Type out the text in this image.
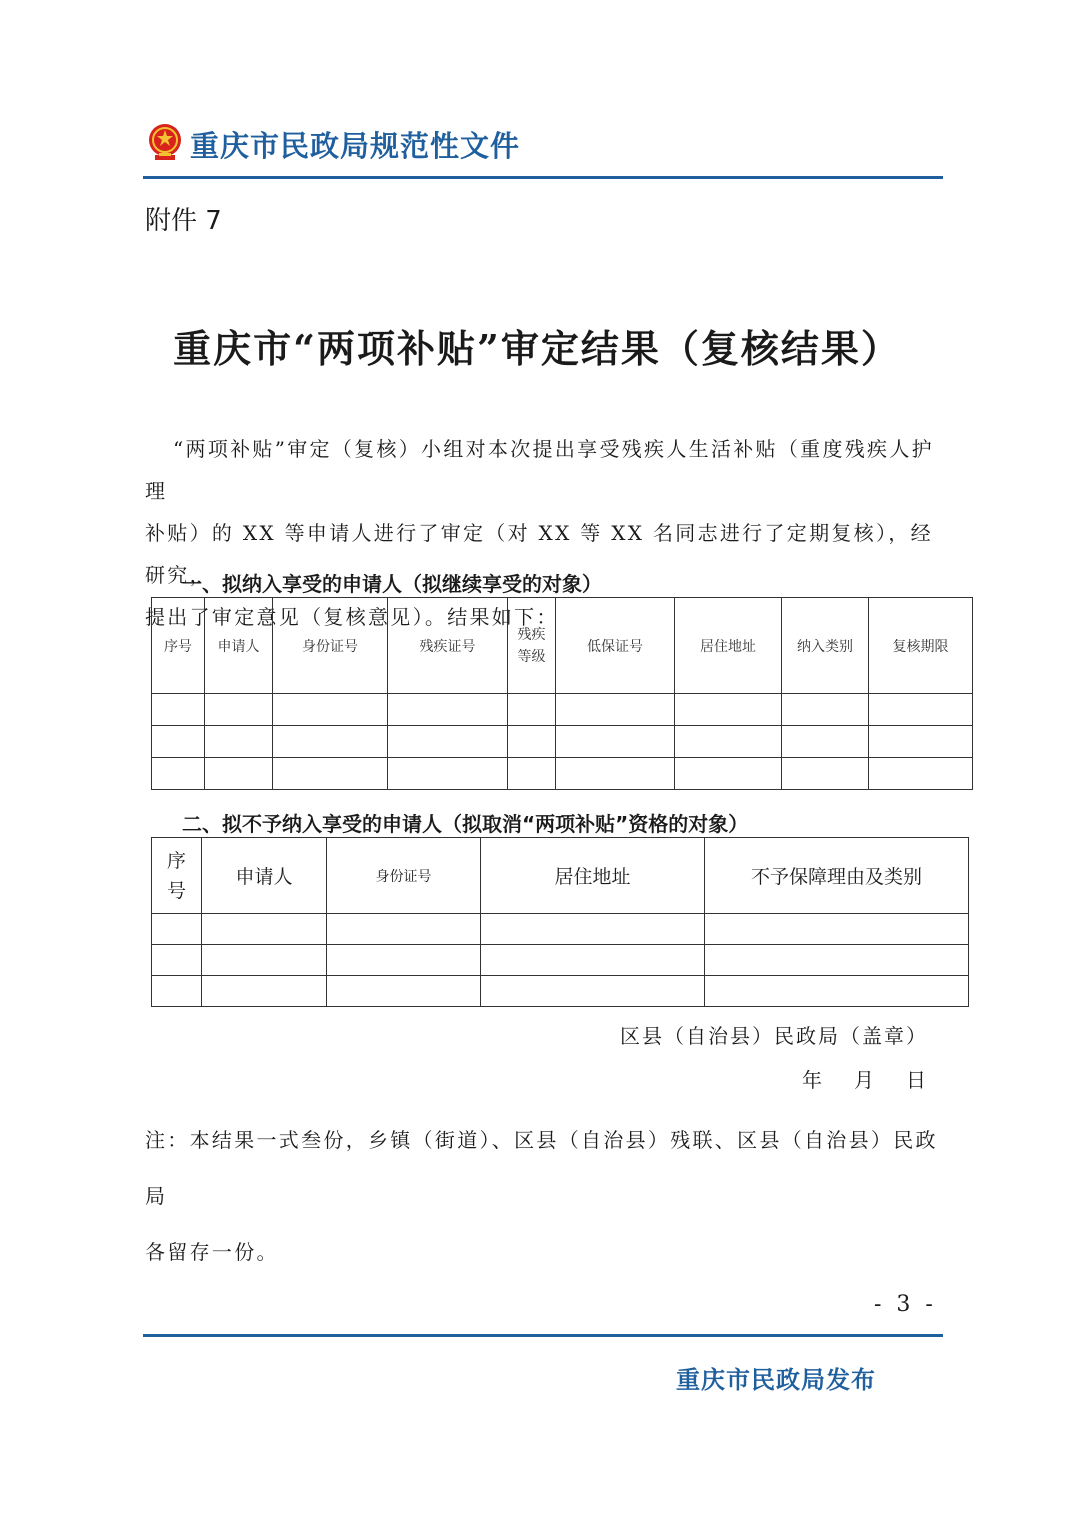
重庆市民政局规范性文件
附件 7
重庆市“两项补贴”审定结果（复核结果）

“两项补贴”审定（复核）小组对本次提出享受残疾人生活补贴（重度残疾人护理

补贴）的 XX 等申请人进行了审定（对 XX 等 XX 名同志进行了定期复核），经研究，

提出了审定意见（复核意见）。结果如下：

一、拟纳入享受的申请人（拟继续享受的对象）
序号	申请人	身份证号	残疾证号	残疾等级	低保证号	居住地址	纳入类别	复核期限

二、拟不予纳入享受的申请人（拟取消“两项补贴”资格的对象）
序号	申请人	身份证号	居住地址	不予保障理由及类别

区县（自治县）民政局（盖章）
年　月　日

注：本结果一式叁份，乡镇（街道）、区县（自治县）残联、区县（自治县）民政局

各留存一份。

- 3 -
重庆市民政局发布
